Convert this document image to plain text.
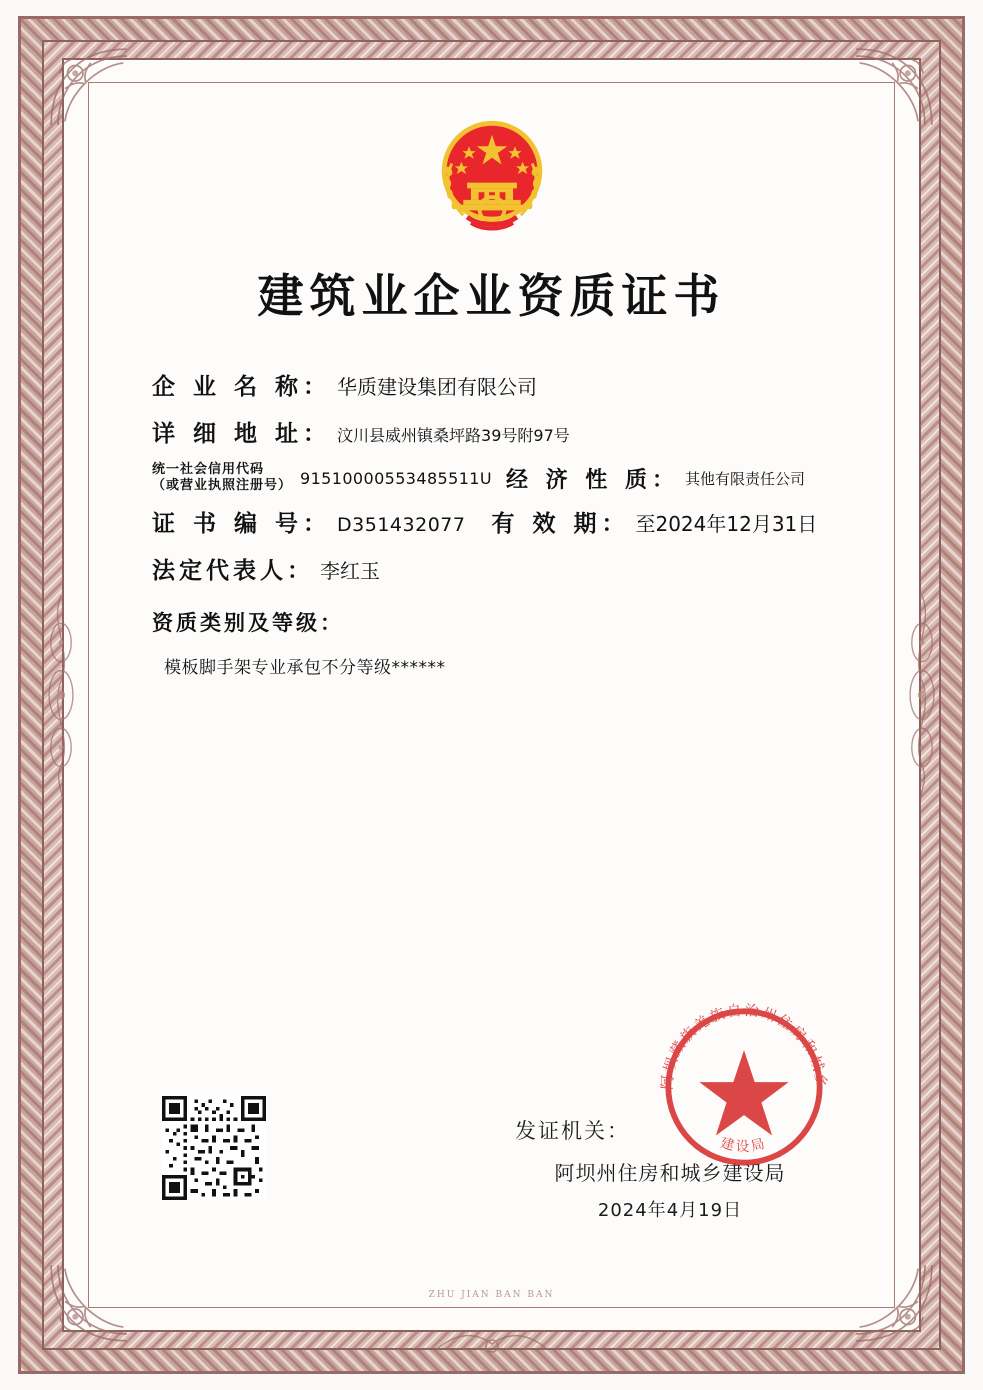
ZHU JIAN BAN BAN
建筑业企业资质证书
企 业 名 称： 华质建设集团有限公司
详 细 地 址： 汶川县威州镇桑坪路39号附97号
统一社会信用代码
（或营业执照注册号） 91510000553485511U 经 济 性 质： 其他有限责任公司
证 书 编 号： D351432077 有 效 期： 至2024年12月31日
法定代表人： 李红玉
资质类别及等级：
模板脚手架专业承包不分等级******
发证机关：
阿坝州住房和城乡建设局
2024年4月19日
阿坝藏族羌族自治州住房和城乡
建设局
